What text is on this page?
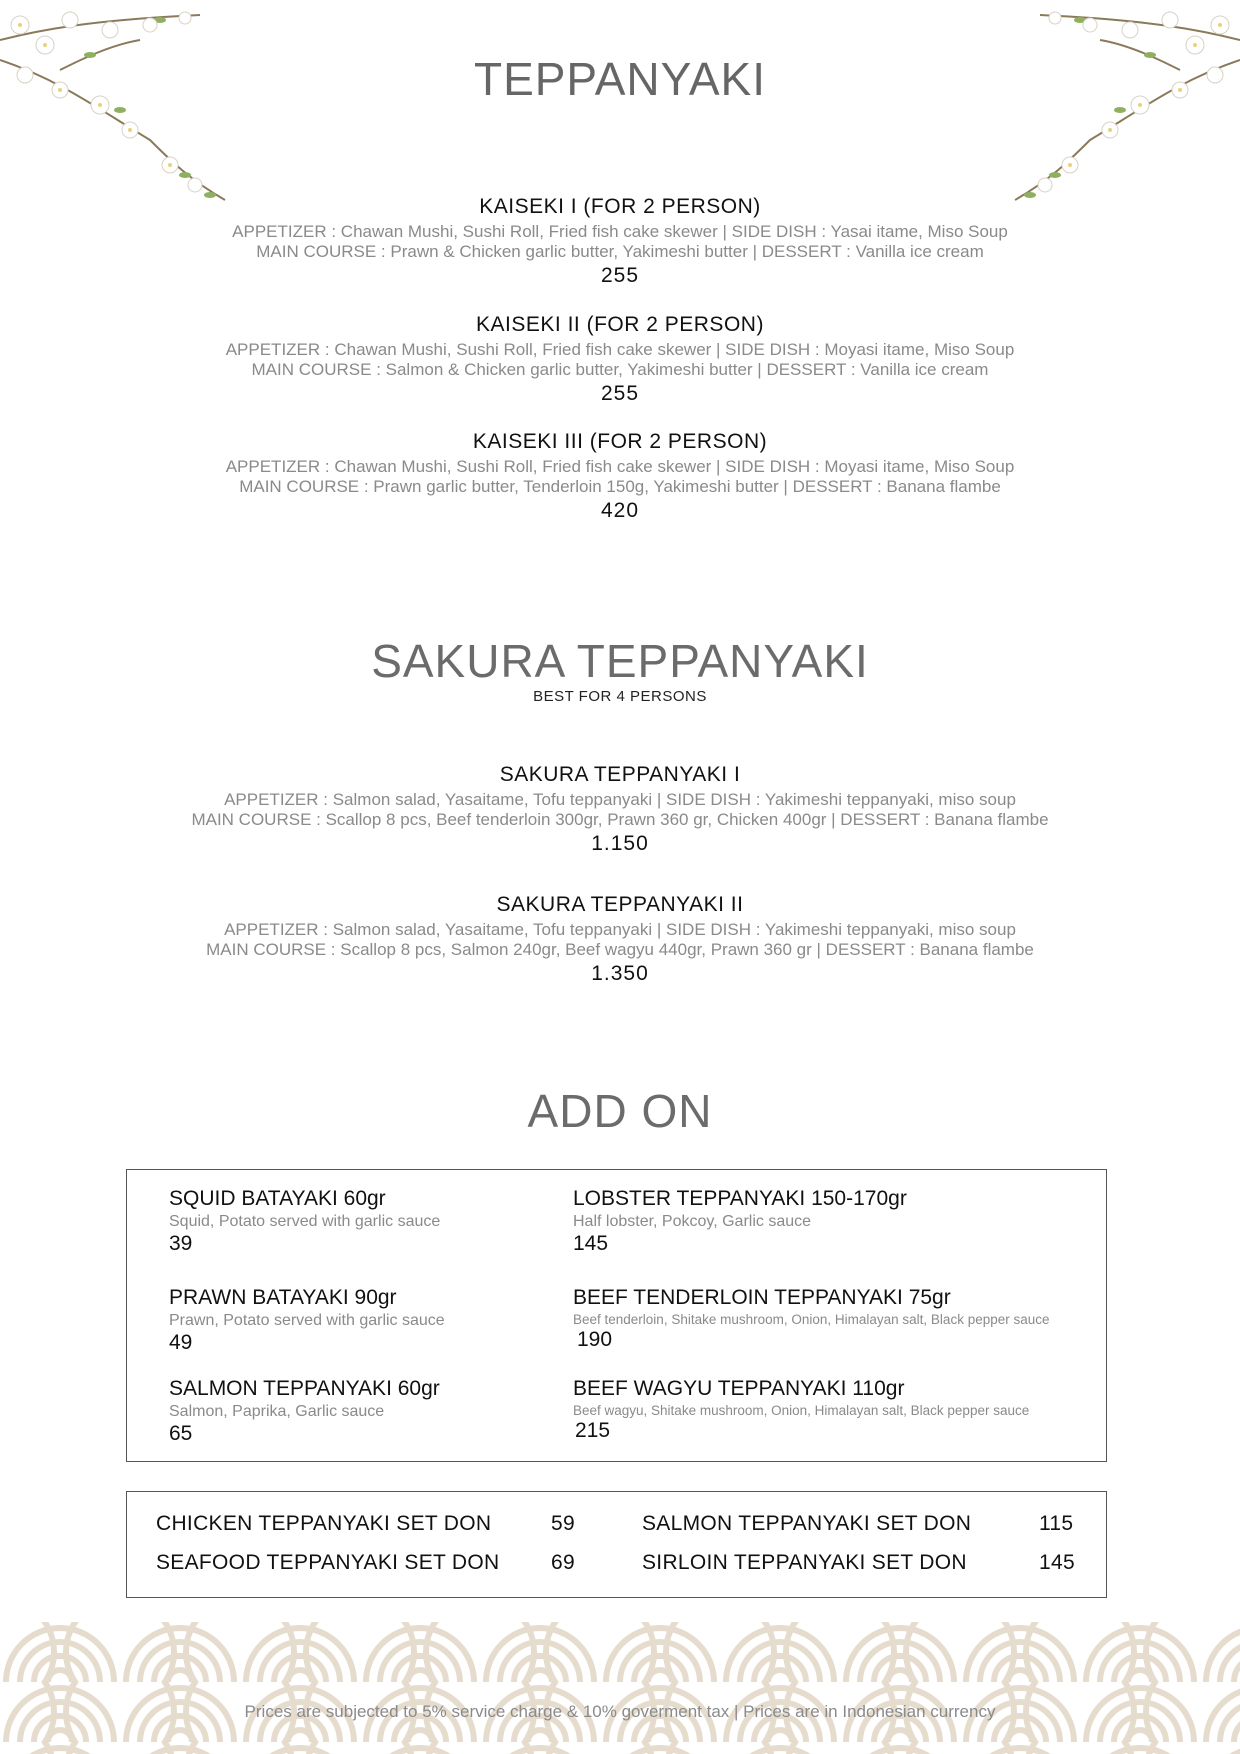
TEPPANYAKI
KAISEKI I (FOR 2 PERSON)
APPETIZER : Chawan Mushi, Sushi Roll, Fried fish cake skewer | SIDE DISH : Yasai itame, Miso Soup
MAIN COURSE : Prawn & Chicken garlic butter, Yakimeshi butter | DESSERT : Vanilla ice cream
255
KAISEKI II (FOR 2 PERSON)
APPETIZER : Chawan Mushi, Sushi Roll, Fried fish cake skewer | SIDE DISH : Moyasi itame, Miso Soup
MAIN COURSE : Salmon & Chicken garlic butter, Yakimeshi butter | DESSERT : Vanilla ice cream
255
KAISEKI III (FOR 2 PERSON)
APPETIZER : Chawan Mushi, Sushi Roll, Fried fish cake skewer | SIDE DISH : Moyasi itame, Miso Soup
MAIN COURSE : Prawn garlic butter, Tenderloin 150g, Yakimeshi butter | DESSERT : Banana flambe
420
SAKURA TEPPANYAKI
BEST FOR 4 PERSONS
SAKURA TEPPANYAKI I
APPETIZER : Salmon salad, Yasaitame, Tofu teppanyaki | SIDE DISH : Yakimeshi teppanyaki, miso soup
MAIN COURSE : Scallop 8 pcs, Beef tenderloin 300gr, Prawn 360 gr, Chicken 400gr | DESSERT : Banana flambe
1.150
SAKURA TEPPANYAKI II
APPETIZER : Salmon salad, Yasaitame, Tofu teppanyaki | SIDE DISH : Yakimeshi teppanyaki, miso soup
MAIN COURSE : Scallop 8 pcs, Salmon 240gr, Beef wagyu 440gr, Prawn 360 gr | DESSERT : Banana flambe
1.350
ADD ON
SQUID BATAYAKI 60gr
Squid, Potato served with garlic sauce
39
PRAWN BATAYAKI 90gr
Prawn, Potato served with garlic sauce
49
SALMON TEPPANYAKI 60gr
Salmon, Paprika, Garlic sauce
65
LOBSTER TEPPANYAKI 150-170gr
Half lobster, Pokcoy, Garlic sauce
145
BEEF TENDERLOIN TEPPANYAKI 75gr
Beef tenderloin, Shitake mushroom, Onion, Himalayan salt, Black pepper sauce
190
BEEF WAGYU TEPPANYAKI 110gr
Beef wagyu, Shitake mushroom, Onion, Himalayan salt, Black pepper sauce
215
CHICKEN TEPPANYAKI SET DON	59
SEAFOOD TEPPANYAKI SET DON 69
SALMON TEPPANYAKI SET DON	115
SIRLOIN TEPPANYAKI SET DON	145
Prices are subjected to 5% service charge & 10% goverment tax | Prices are in Indonesian currency
